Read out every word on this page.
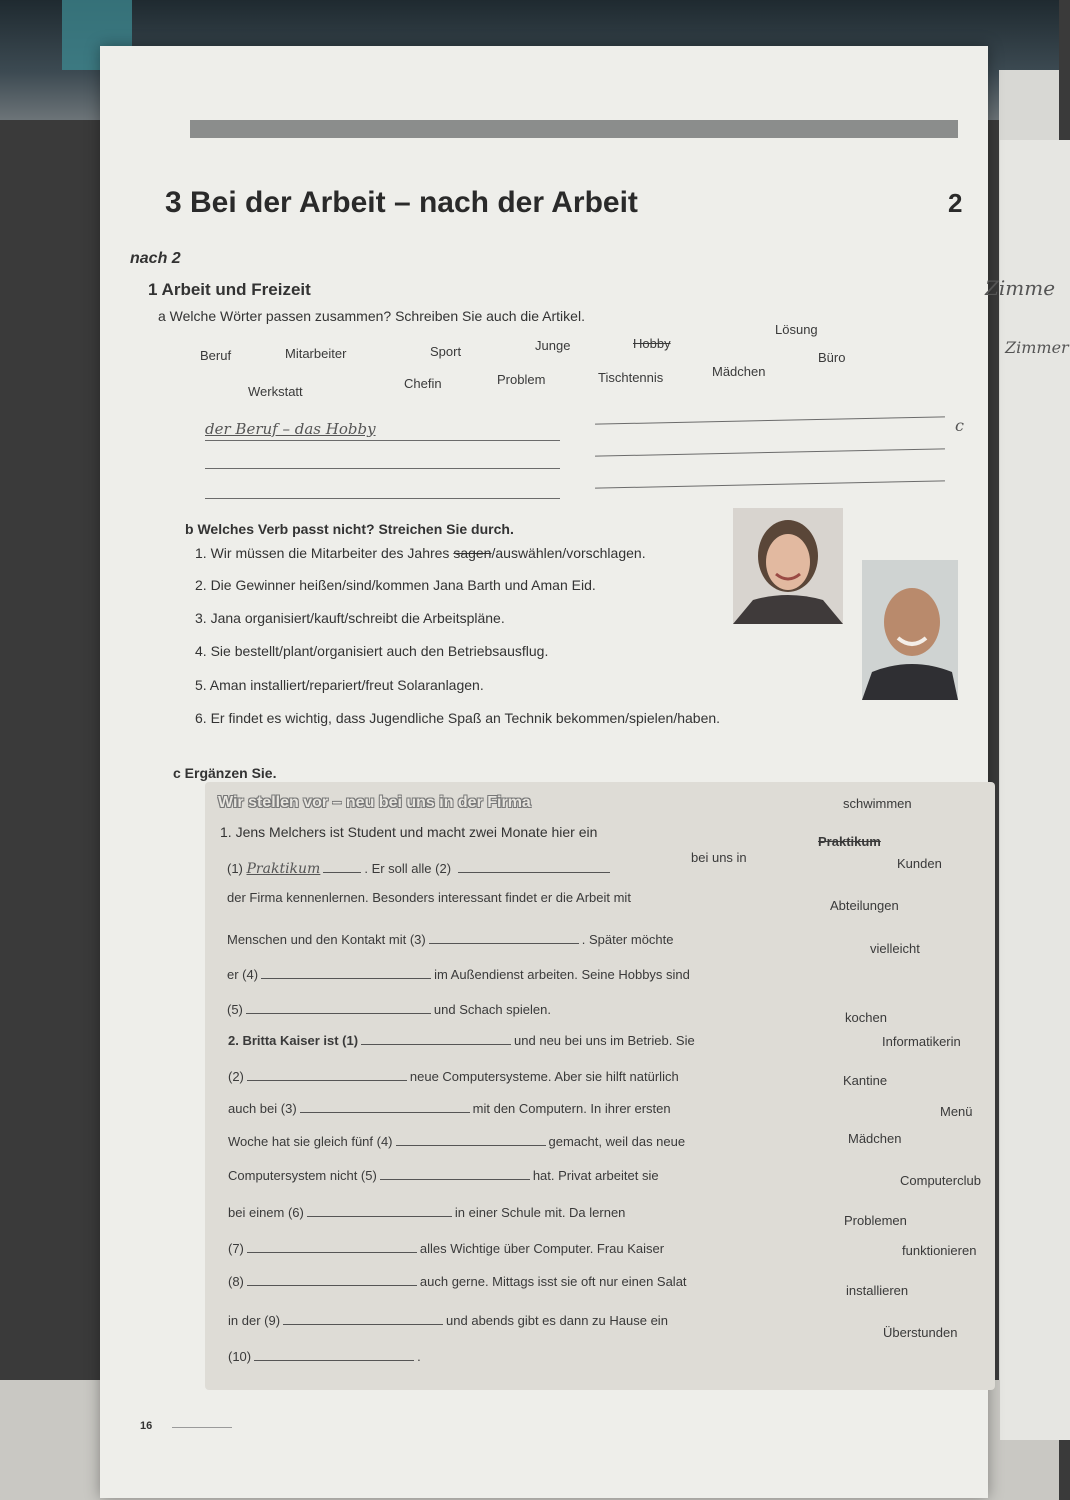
3 Bei der Arbeit – nach der Arbeit	2
nach 2
1 Arbeit und Freizeit	Zimme
Zimmer
c
a Welche Wörter passen zusammen? Schreiben Sie auch die Artikel.
Beruf	Mitarbeiter	Sport	Junge	Hobby
Lösung
Büro
Werkstatt
Chefin	Problem	Tischtennis	Mädchen
der Beruf – das Hobby
b Welches Verb passt nicht? Streichen Sie durch.
1. Wir müssen die Mitarbeiter des Jahres sagen/auswählen/vorschlagen.
2. Die Gewinner heißen/sind/kommen Jana Barth und Aman Eid.
3. Jana organisiert/kauft/schreibt die Arbeitspläne.
4. Sie bestellt/plant/organisiert auch den Betriebsausflug.
5. Aman installiert/repariert/freut Solaranlagen.
6. Er findet es wichtig, dass Jugendliche Spaß an Technik bekommen/spielen/haben.
c Ergänzen Sie.
Wir stellen vor – neu bei uns in der Firma
1. Jens Melchers ist Student und macht zwei Monate hier ein
(1) Praktikum	. Er soll alle (2)
bei uns in
der Firma kennenlernen. Besonders interessant findet er die Arbeit mit
Menschen und den Kontakt mit (3)	. Später möchte
er (4)	im Außendienst arbeiten. Seine Hobbys sind
(5)	und Schach spielen.
2. Britta Kaiser ist (1)	und neu bei uns im Betrieb. Sie
(2)	neue Computersysteme. Aber sie hilft natürlich
auch bei (3)	mit den Computern. In ihrer ersten
Woche hat sie gleich fünf (4)	gemacht, weil das neue
Computersystem nicht (5)	hat. Privat arbeitet sie
bei einem (6)	in einer Schule mit. Da lernen
(7)	alles Wichtige über Computer. Frau Kaiser
(8)	auch gerne. Mittags isst sie oft nur einen Salat
in der (9)	und abends gibt es dann zu Hause ein
(10)	.
schwimmen
Praktikum
Kunden
Abteilungen
vielleicht
kochen
Informatikerin
Kantine
Menü
Mädchen
Computerclub
Problemen
funktionieren
installieren
Überstunden
16
